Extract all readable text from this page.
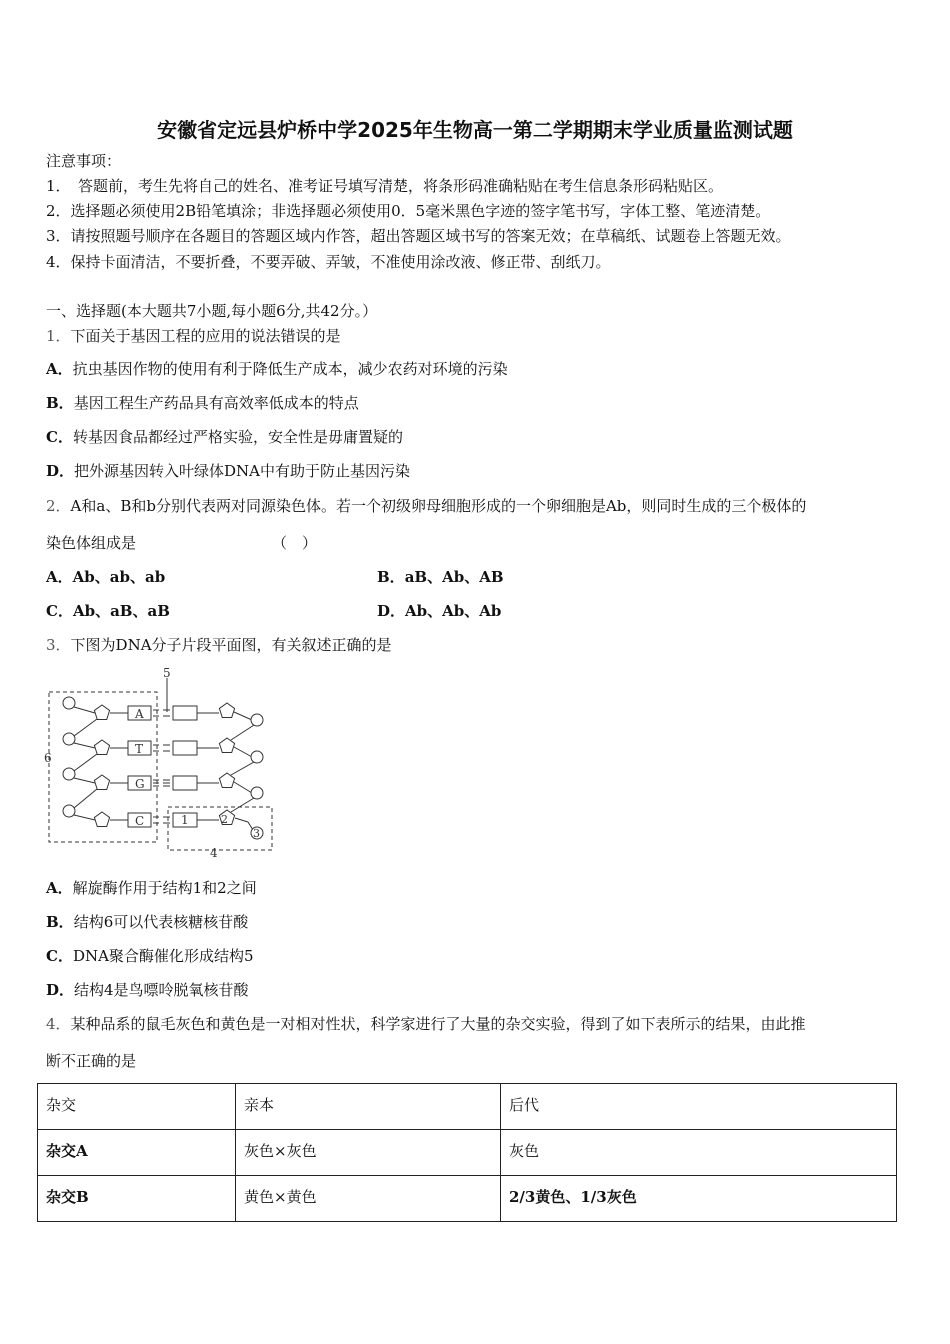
安徽省定远县炉桥中学2025年生物高一第二学期期末学业质量监测试题
注意事项：
1．　答题前，考生先将自己的姓名、准考证号填写清楚，将条形码准确粘贴在考生信息条形码粘贴区。
2．选择题必须使用2B铅笔填涂；非选择题必须使用0．5毫米黑色字迹的签字笔书写，字体工整、笔迹清楚。
3．请按照题号顺序在各题目的答题区域内作答，超出答题区域书写的答案无效；在草稿纸、试题卷上答题无效。
4．保持卡面清洁，不要折叠，不要弄破、弄皱，不准使用涂改液、修正带、刮纸刀。
一、选择题(本大题共7小题,每小题6分,共42分。）
1．下面关于基因工程的应用的说法错误的是
A．抗虫基因作物的使用有利于降低生产成本，减少农药对环境的污染
B．基因工程生产药品具有高效率低成本的特点
C．转基因食品都经过严格实验，安全性是毋庸置疑的
D．把外源基因转入叶绿体DNA中有助于防止基因污染
2．A和a、B和b分别代表两对同源染色体。若一个初级卵母细胞形成的一个卵细胞是Ab，则同时生成的三个极体的
染色体组成是	（　）
A．Ab、ab、ab	B．aB、Ab、AB
C．Ab、aB、aB	D．Ab、Ab、Ab
3．下图为DNA分子片段平面图，有关叙述正确的是
5
6
4
1	2
3
A
T
G
C
A．解旋酶作用于结构1和2之间
B．结构6可以代表核糖核苷酸
C．DNA聚合酶催化形成结构5
D．结构4是鸟嘌呤脱氧核苷酸
4．某种品系的鼠毛灰色和黄色是一对相对性状，科学家进行了大量的杂交实验，得到了如下表所示的结果，由此推
断不正确的是
杂交	亲本	后代
杂交A	灰色×灰色	灰色
杂交B	黄色×黄色	2/3黄色、1/3灰色
